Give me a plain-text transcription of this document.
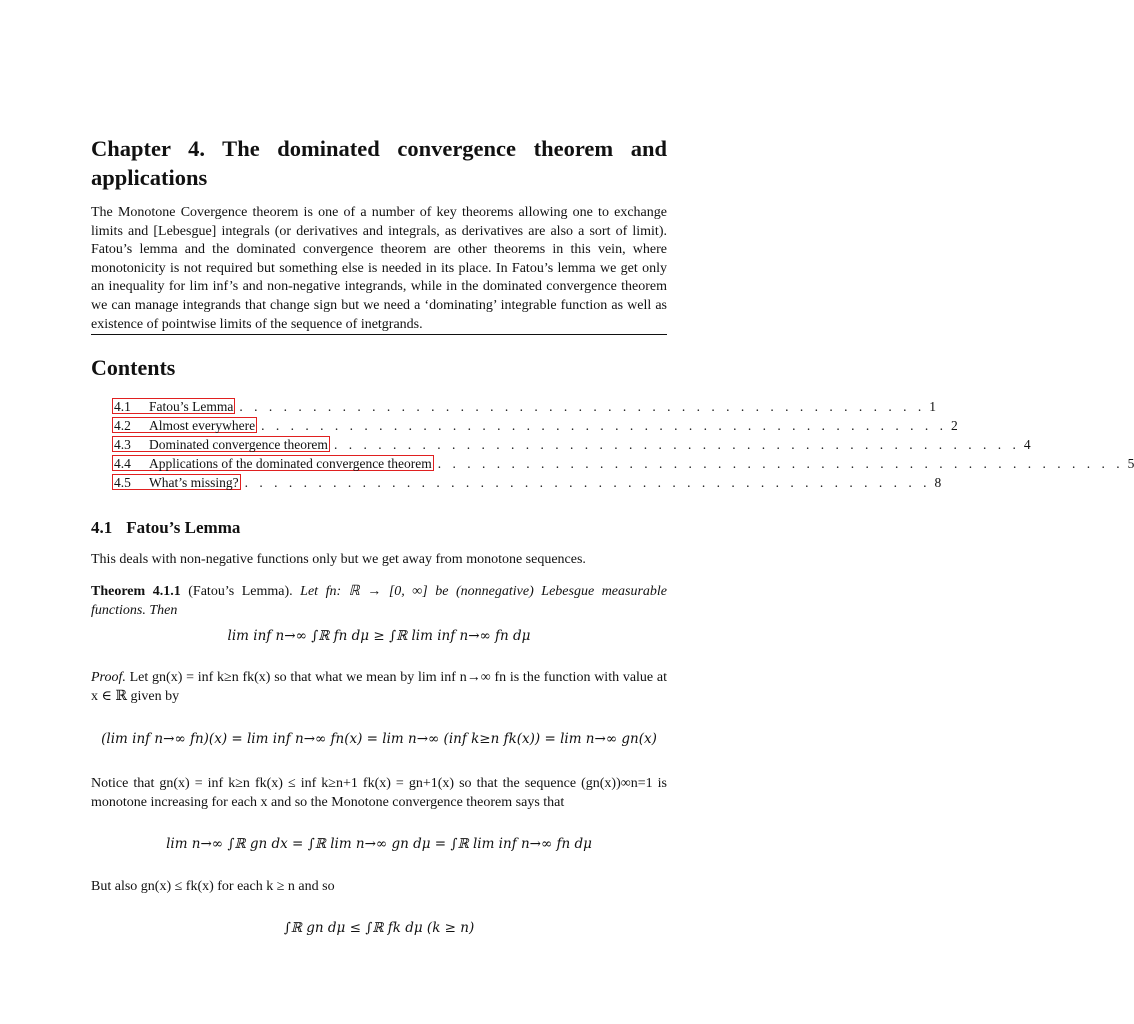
Chapter 4. The dominated convergence theorem and applications

The Monotone Covergence theorem is one of a number of key theorems allowing one to exchange limits and [Lebesgue] integrals (or derivatives and integrals, as derivatives are also a sort of limit). Fatou’s lemma and the dominated convergence theorem are other theorems in this vein, where monotonicity is not required but something else is needed in its place. In Fatou’s lemma we get only an inequality for lim inf’s and non-negative integrands, while in the dominated convergence theorem we can manage integrands that change sign but we need a ‘dominating’ integrable function as well as existence of pointwise limits of the sequence of inetgrands.

Contents
4.1	Fatou’s Lemma . . . . . . . . . . . . . . . . . . . . . . . . . . . . . . . . . . . . . . . . . . . . . . . 1
4.2	Almost everywhere . . . . . . . . . . . . . . . . . . . . . . . . . . . . . . . . . . . . . . . . . . . . . . . 2
4.3	Dominated convergence theorem . . . . . . . . . . . . . . . . . . . . . . . . . . . . . . . . . . . . . . . . . . . . . . . 4
4.4	Applications of the dominated convergence theorem . . . . . . . . . . . . . . . . . . . . . . . . . . . . . . . . . . . . . . . . . . . . . . . 5
4.5	What’s missing? . . . . . . . . . . . . . . . . . . . . . . . . . . . . . . . . . . . . . . . . . . . . . . . 8
4.1 Fatou’s Lemma

This deals with non-negative functions only but we get away from monotone sequences.

Theorem 4.1.1 (Fatou’s Lemma). Let fn: ℝ → [0, ∞] be (nonnegative) Lebesgue measurable functions. Then

lim inf n→∞ ∫ℝ fn dμ ≥ ∫ℝ lim inf n→∞ fn dμ

Proof. Let gn(x) = inf k≥n fk(x) so that what we mean by lim inf n→∞ fn is the function with value at x ∈ ℝ given by

(lim inf n→∞ fn)(x) = lim inf n→∞ fn(x) = lim n→∞ (inf k≥n fk(x)) = lim n→∞ gn(x)

Notice that gn(x) = inf k≥n fk(x) ≤ inf k≥n+1 fk(x) = gn+1(x) so that the sequence (gn(x))∞n=1 is monotone increasing for each x and so the Monotone convergence theorem says that

lim n→∞ ∫ℝ gn dx = ∫ℝ lim n→∞ gn dμ = ∫ℝ lim inf n→∞ fn dμ

But also gn(x) ≤ fk(x) for each k ≥ n and so

∫ℝ gn dμ ≤ ∫ℝ fk dμ (k ≥ n)
